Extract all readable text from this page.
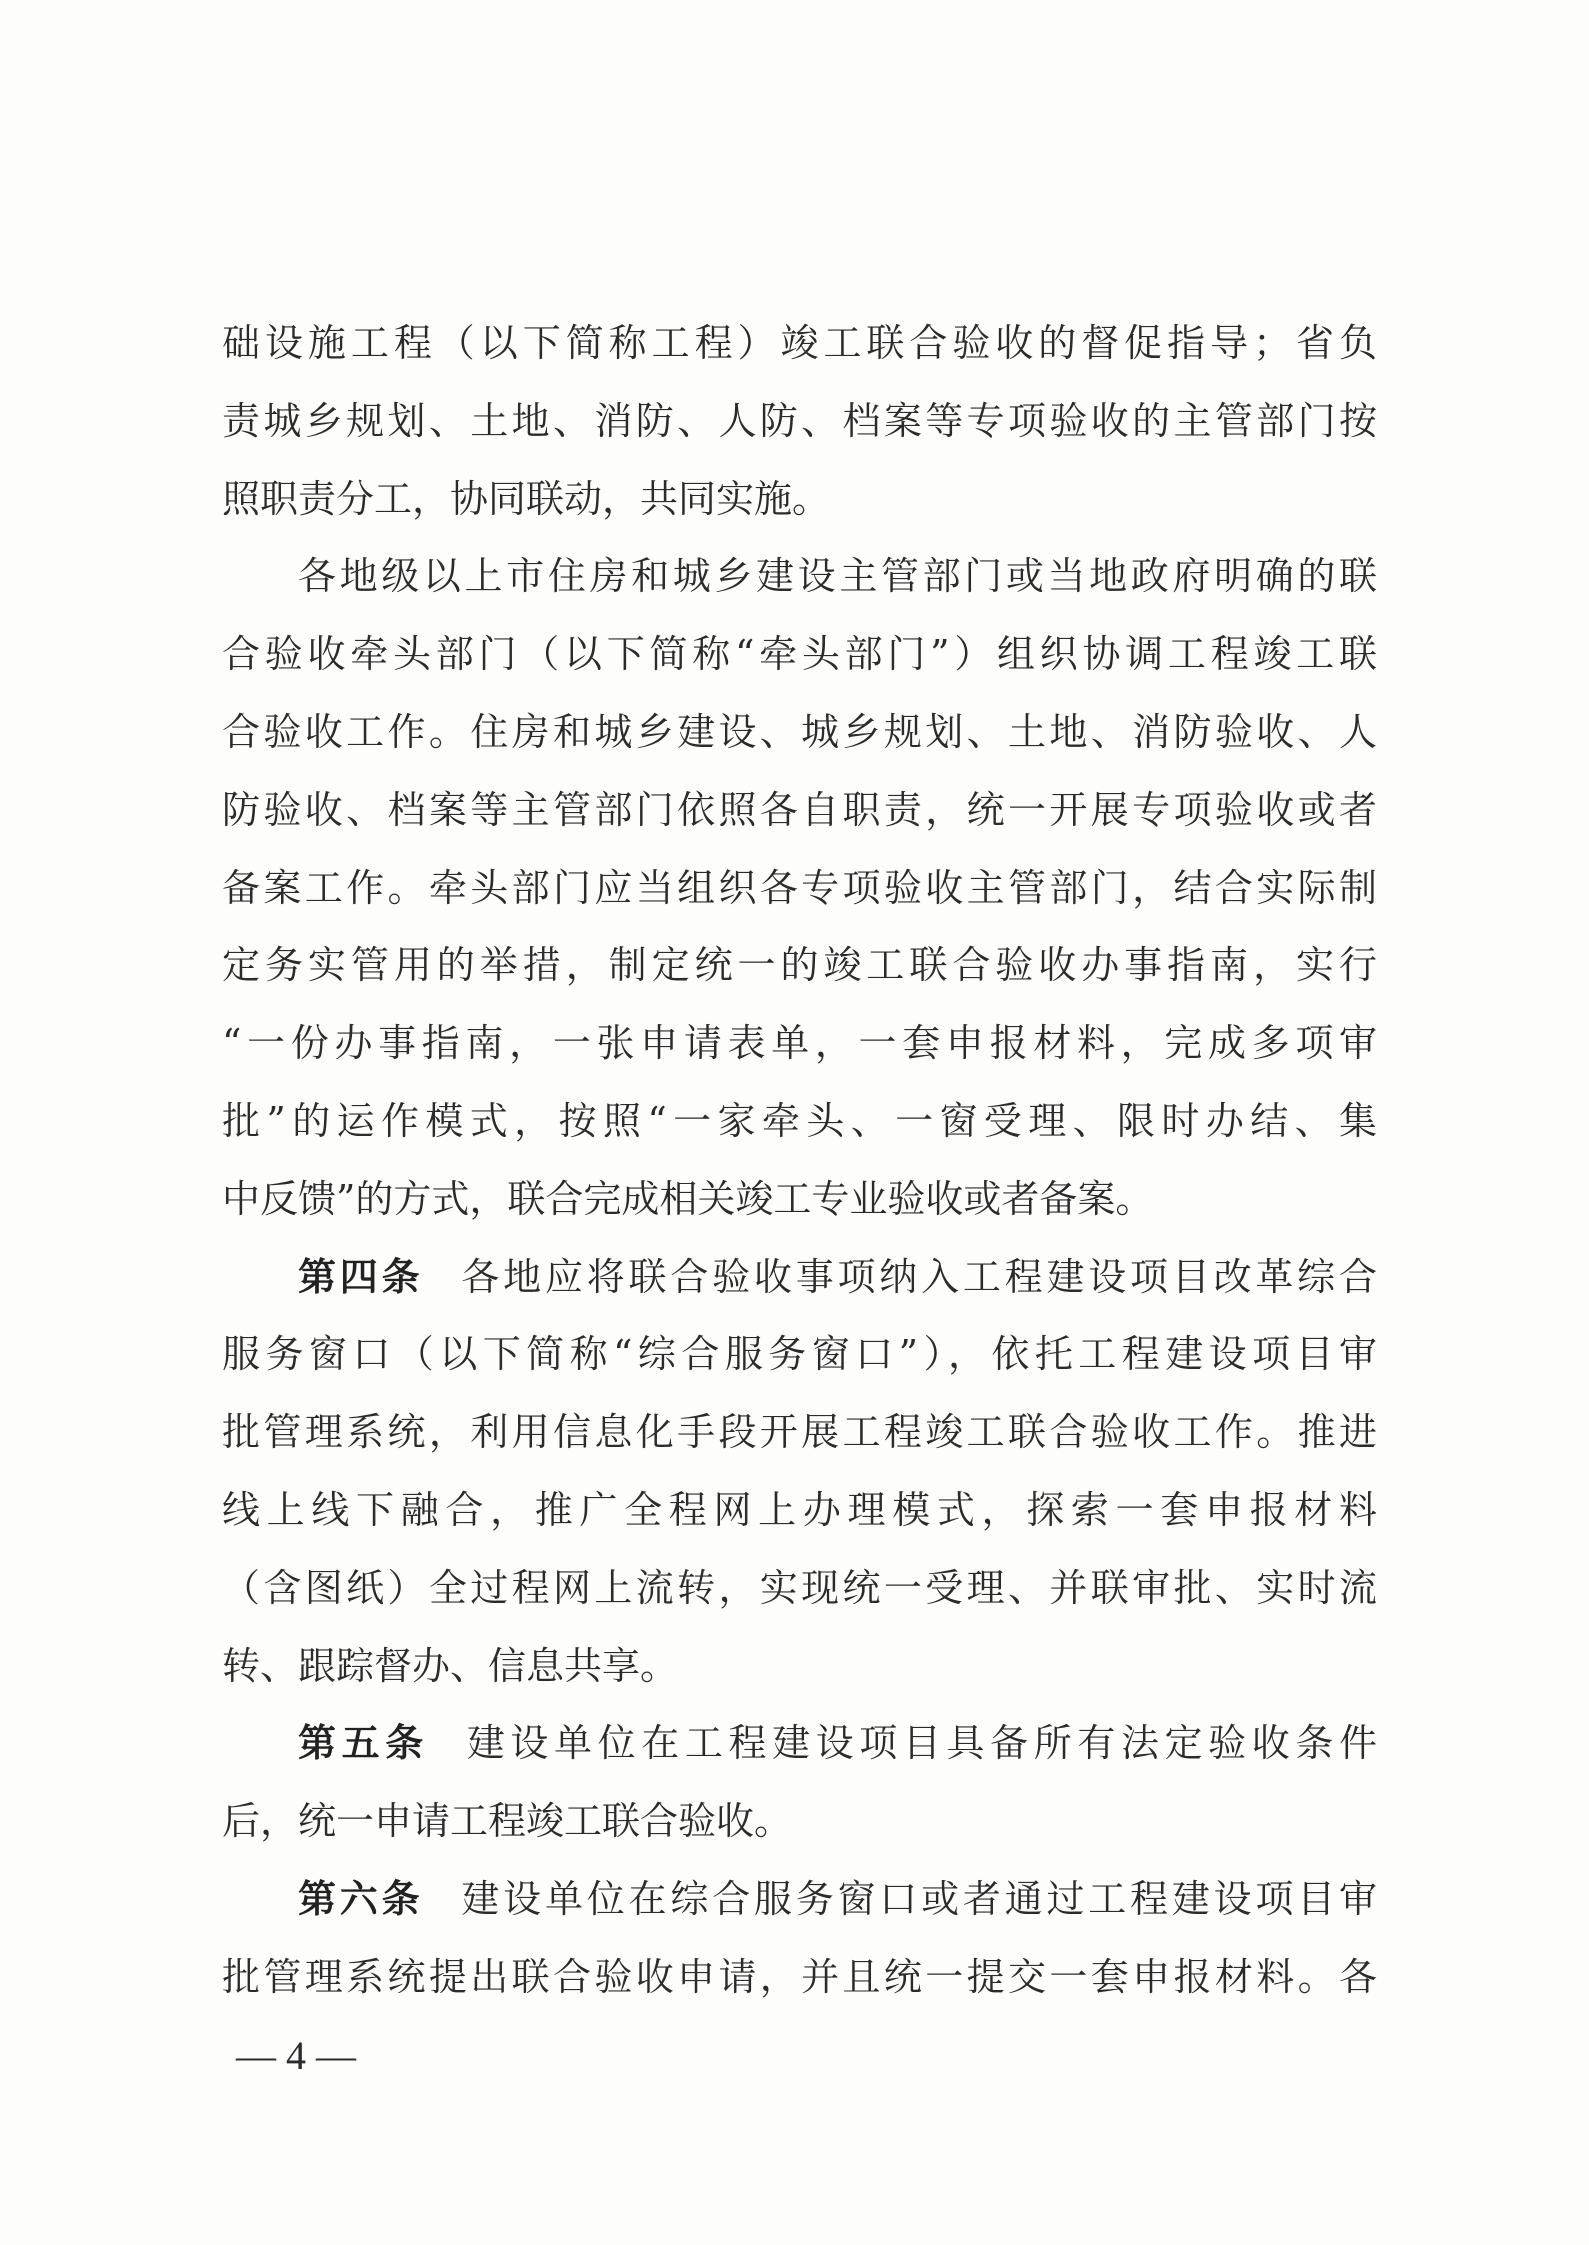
础设施工程（以下简称工程）竣工联合验收的督促指导；省负
责城乡规划、土地、消防、人防、档案等专项验收的主管部门按
照职责分工，协同联动，共同实施。
各地级以上市住房和城乡建设主管部门或当地政府明确的联
合验收牵头部门（以下简称“牵头部门”）组织协调工程竣工联
合验收工作。住房和城乡建设、城乡规划、土地、消防验收、人
防验收、档案等主管部门依照各自职责，统一开展专项验收或者
备案工作。牵头部门应当组织各专项验收主管部门，结合实际制
定务实管用的举措，制定统一的竣工联合验收办事指南，实行
“一份办事指南，一张申请表单，一套申报材料，完成多项审
批”的运作模式，按照“一家牵头、一窗受理、限时办结、集
中反馈”的方式，联合完成相关竣工专业验收或者备案。
第四条 各地应将联合验收事项纳入工程建设项目改革综合
服务窗口（以下简称“综合服务窗口”），依托工程建设项目审
批管理系统，利用信息化手段开展工程竣工联合验收工作。推进
线上线下融合，推广全程网上办理模式，探索一套申报材料
（含图纸）全过程网上流转，实现统一受理、并联审批、实时流
转、跟踪督办、信息共享。
第五条 建设单位在工程建设项目具备所有法定验收条件
后，统一申请工程竣工联合验收。
第六条 建设单位在综合服务窗口或者通过工程建设项目审
批管理系统提出联合验收申请，并且统一提交一套申报材料。各
— 4 —
